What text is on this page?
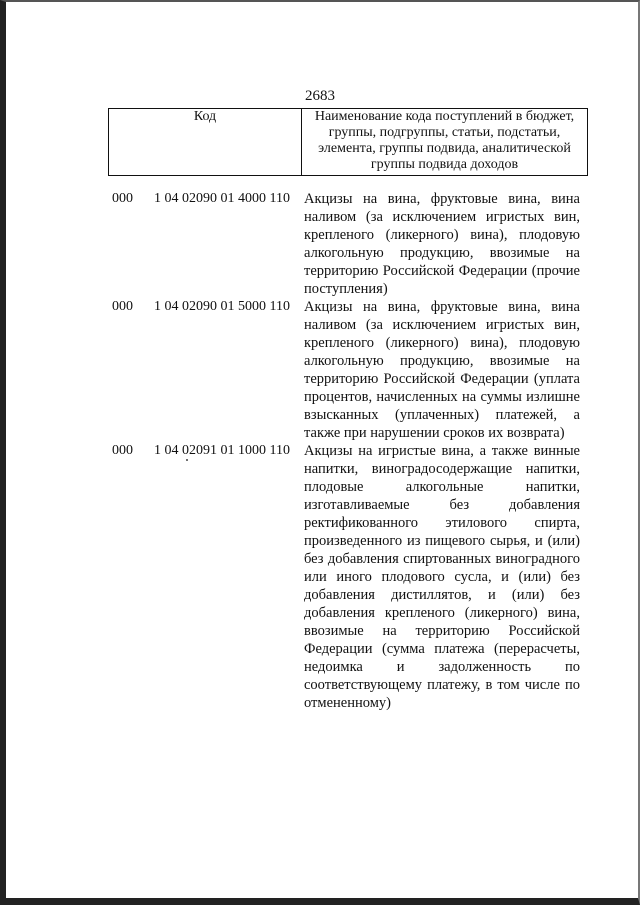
2683
Код	Наименование кода поступлений в бюджет, группы, подгруппы, статьи, подстатьи, элемента, группы подвида, аналитической группы подвида доходов
000	1 04 02090 01 4000 110 Акцизы на вина, фруктовые вина, вина наливом (за исключением игристых вин, крепленого (ликерного) вина), плодовую алкогольную продукцию, ввозимые на территорию Российской Федерации (прочие поступления)
000	1 04 02090 01 5000 110 Акцизы на вина, фруктовые вина, вина наливом (за исключением игристых вин, крепленого (ликерного) вина), плодовую алкогольную продукцию, ввозимые на территорию Российской Федерации (уплата процентов, начисленных на суммы излишне взысканных (уплаченных) платежей, а также при нарушении сроков их возврата)
000	1 04 02091 01 1000 110 Акцизы на игристые вина, а также винные напитки, виноградосодержащие напитки, плодовые алкогольные напитки, изготавливаемые без добавления ректификованного этилового спирта, произведенного из пищевого сырья, и (или) без добавления спиртованных виноградного или иного плодового сусла, и (или) без добавления дистиллятов, и (или) без добавления крепленого (ликерного) вина, ввозимые на территорию Российской Федерации (сумма платежа (перерасчеты, недоимка и задолженность по соответствующему платежу, в том числе по отмененному)
